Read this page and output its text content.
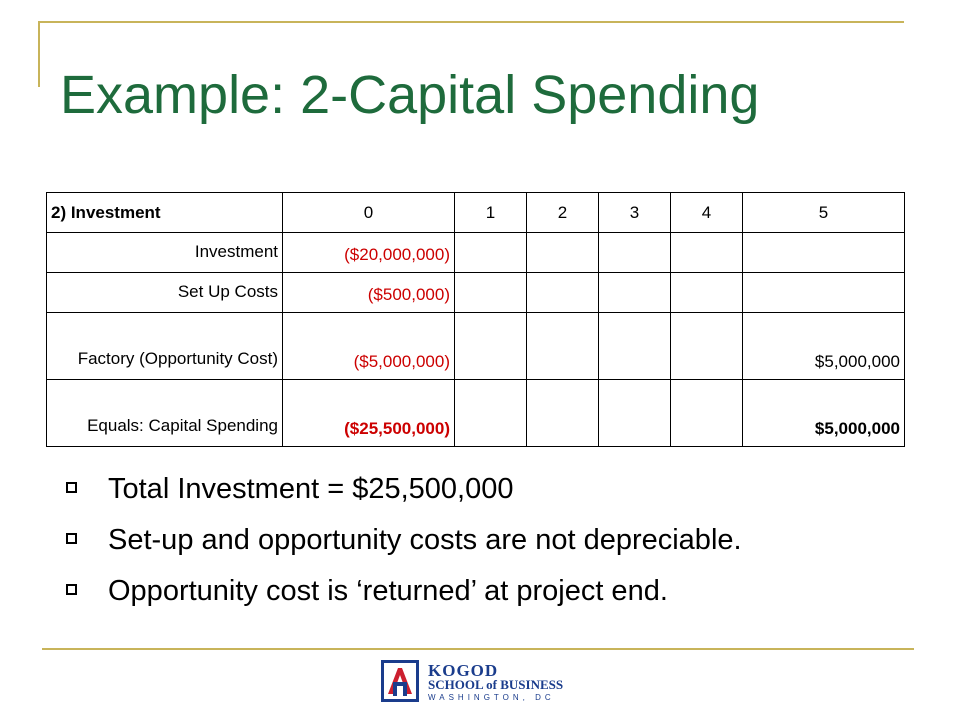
Example: 2-Capital Spending
2) Investment	0	1	2	3	4	5
Investment	($20,000,000)					
Set Up Costs	($500,000)					
Factory (Opportunity Cost)	($5,000,000)					$5,000,000
Equals: Capital Spending	($25,500,000)					$5,000,000
Total Investment = $25,500,000
Set-up and opportunity costs are not depreciable.
Opportunity cost is ‘returned’ at project end.
KOGOD
SCHOOL of BUSINESS
WASHINGTON, DC
